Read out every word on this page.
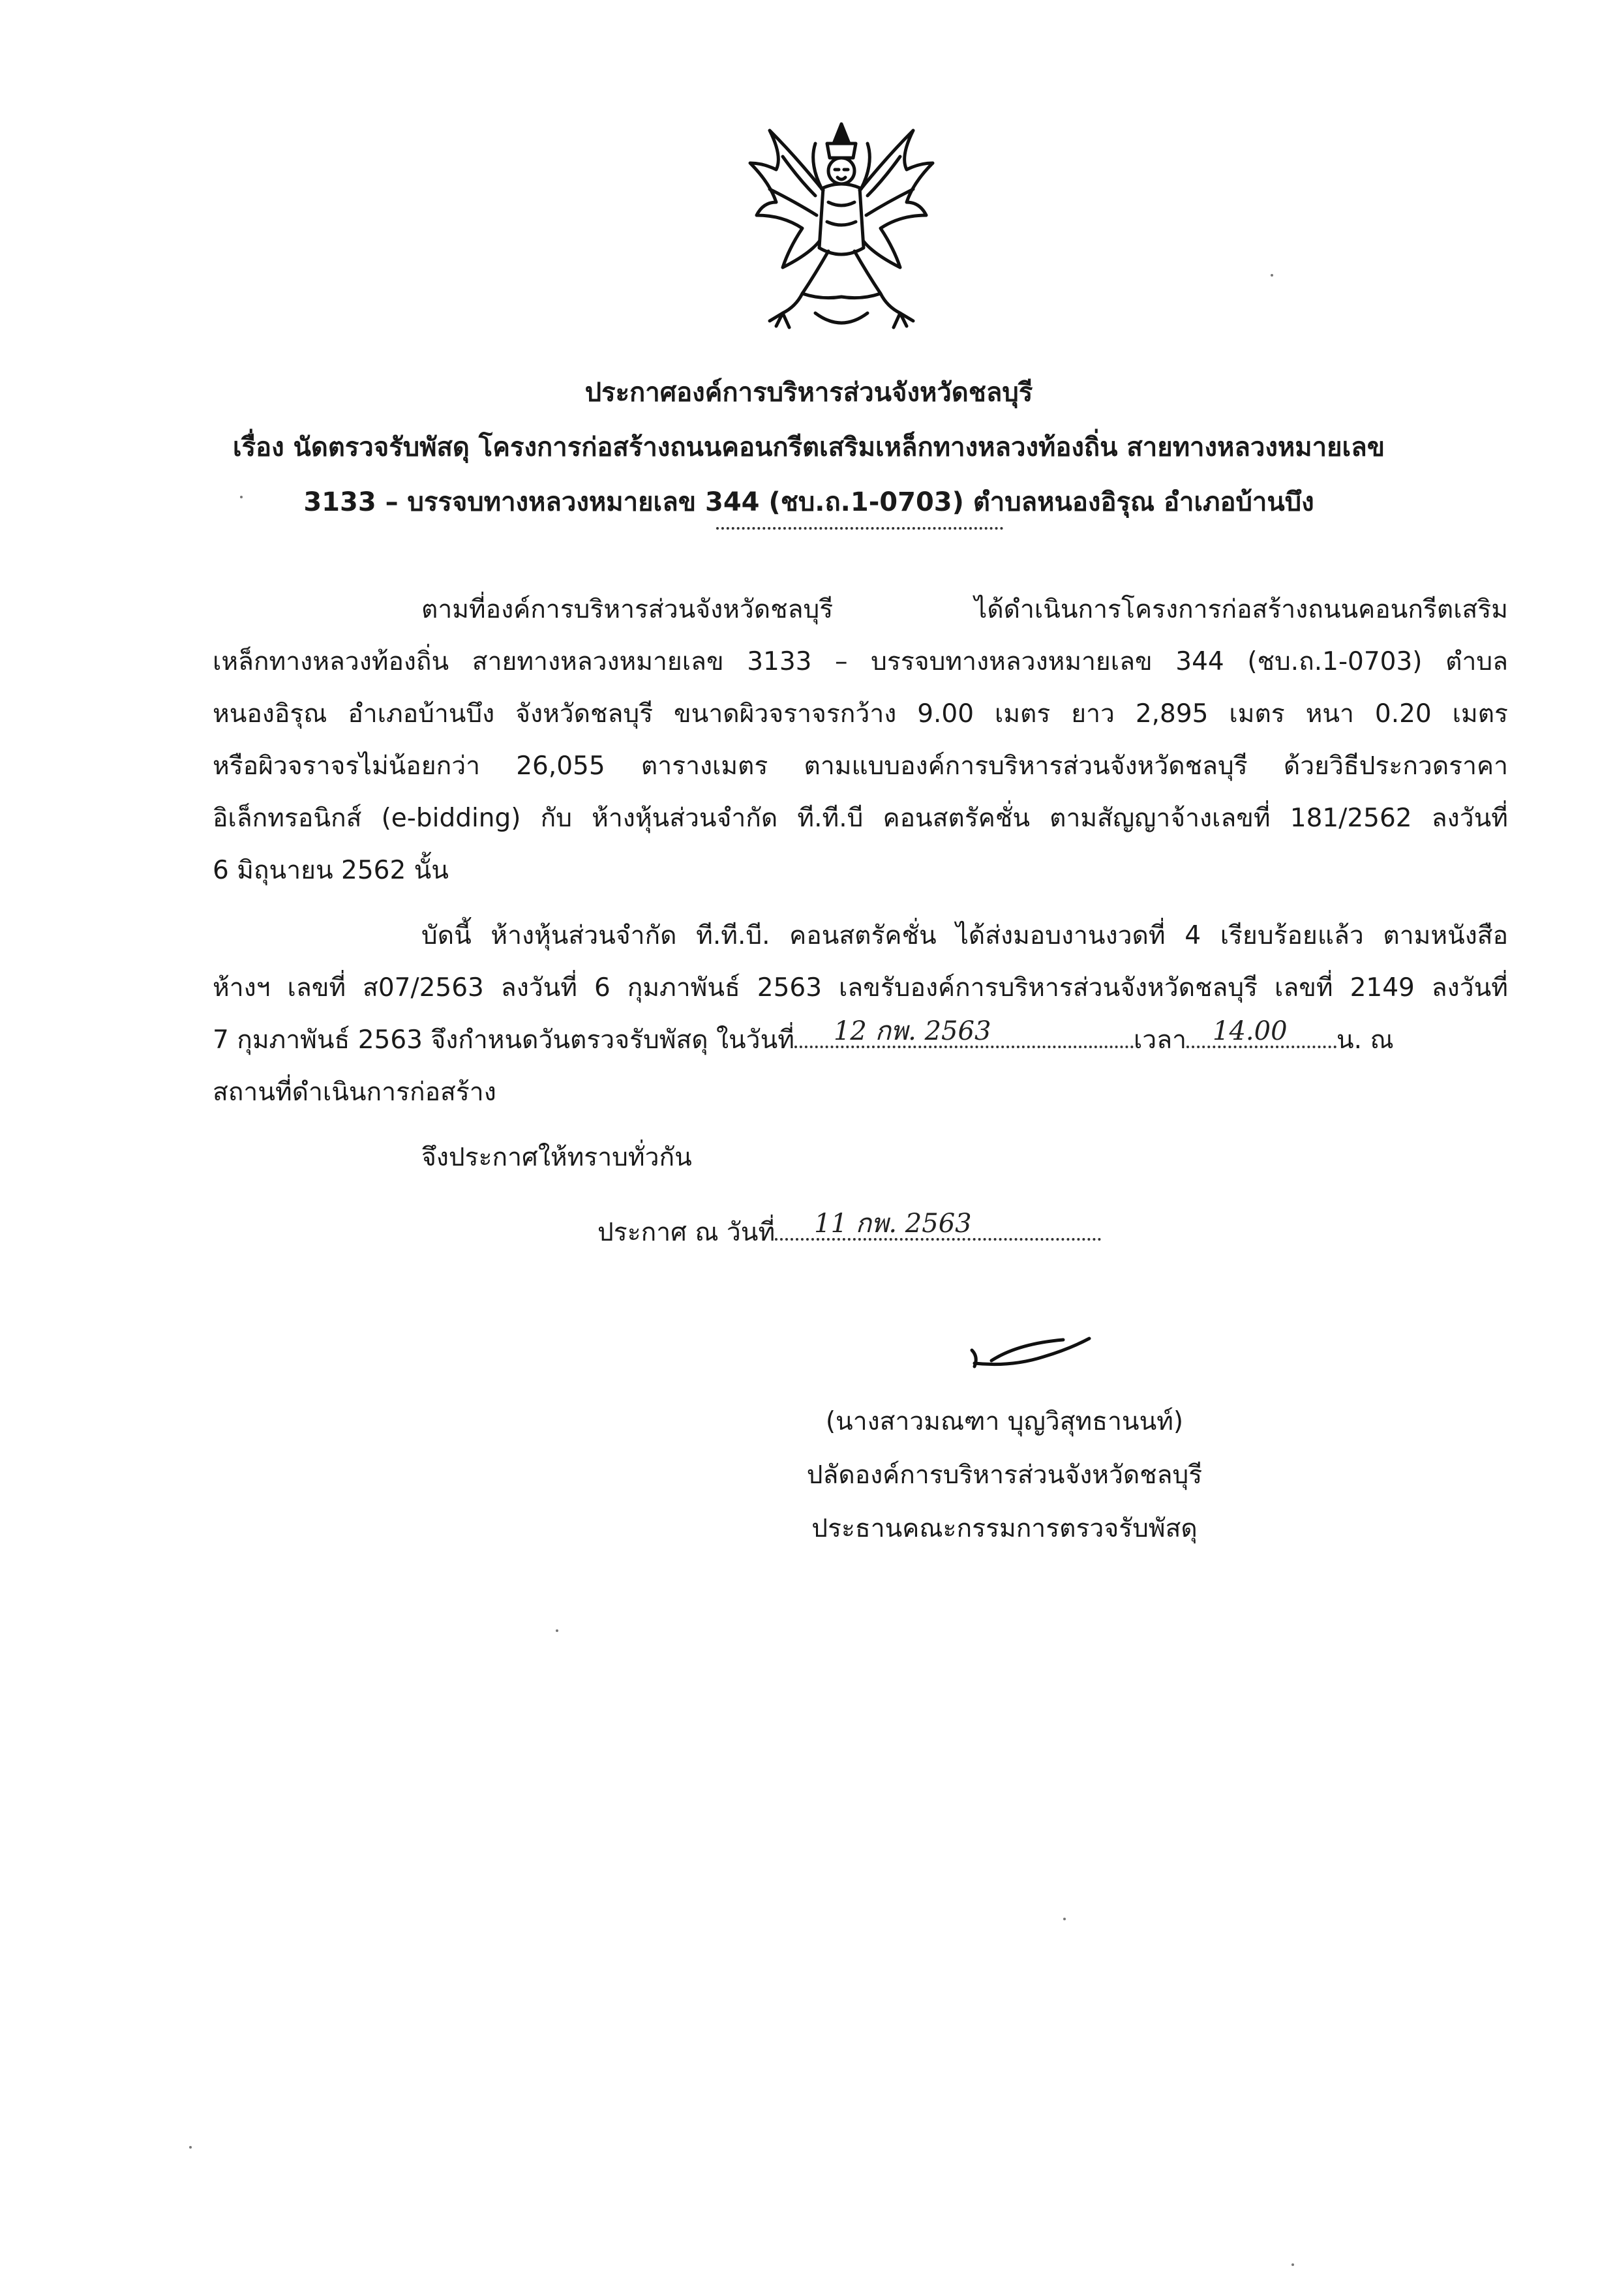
ประกาศองค์การบริหารส่วนจังหวัดชลบุรี
เรื่อง นัดตรวจรับพัสดุ โครงการก่อสร้างถนนคอนกรีตเสริมเหล็กทางหลวงท้องถิ่น สายทางหลวงหมายเลข
3133 – บรรจบทางหลวงหมายเลข 344 (ชบ.ถ.1-0703) ตำบลหนองอิรุณ อำเภอบ้านบึง
ตามที่องค์การบริหารส่วนจังหวัดชลบุรี ได้ดำเนินการโครงการก่อสร้างถนนคอนกรีตเสริม
เหล็กทางหลวงท้องถิ่น สายทางหลวงหมายเลข 3133 – บรรจบทางหลวงหมายเลข 344 (ชบ.ถ.1-0703) ตำบล
หนองอิรุณ อำเภอบ้านบึง จังหวัดชลบุรี ขนาดผิวจราจรกว้าง 9.00 เมตร ยาว 2,895 เมตร หนา 0.20 เมตร
หรือผิวจราจรไม่น้อยกว่า 26,055 ตารางเมตร ตามแบบองค์การบริหารส่วนจังหวัดชลบุรี ด้วยวิธีประกวดราคา
อิเล็กทรอนิกส์ (e-bidding) กับ ห้างหุ้นส่วนจำกัด ที.ที.บี คอนสตรัคชั่น ตามสัญญาจ้างเลขที่ 181/2562 ลงวันที่
6 มิถุนายน 2562 นั้น
บัดนี้ ห้างหุ้นส่วนจำกัด ที.ที.บี. คอนสตรัคชั่น ได้ส่งมอบงานงวดที่ 4 เรียบร้อยแล้ว ตามหนังสือ
ห้างฯ เลขที่ ส07/2563 ลงวันที่ 6 กุมภาพันธ์ 2563 เลขรับองค์การบริหารส่วนจังหวัดชลบุรี เลขที่ 2149 ลงวันที่
7 กุมภาพันธ์ 2563 จึงกำหนดวันตรวจรับพัสดุ ในวันที่ 12 กพ. 2563	เวลา 14.00 น. ณ
สถานที่ดำเนินการก่อสร้าง
จึงประกาศให้ทราบทั่วกัน
ประกาศ ณ วันที่ 11 กพ. 2563
(นางสาวมณฑา บุญวิสุทธานนท์)
ปลัดองค์การบริหารส่วนจังหวัดชลบุรี
ประธานคณะกรรมการตรวจรับพัสดุ
